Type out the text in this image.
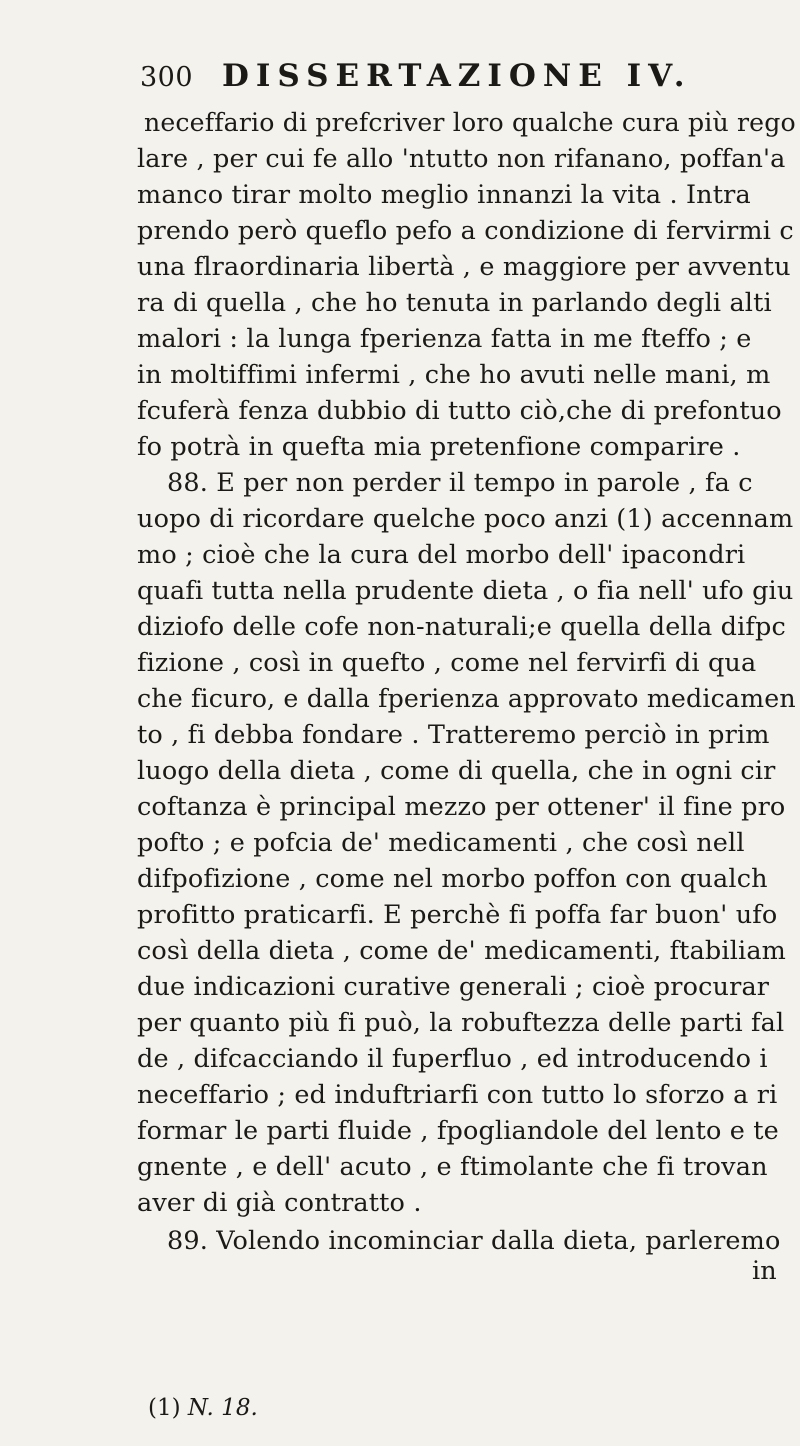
300 DISSERTAZIONE IV.
neceffario di prefcriver loro qualche cura più rego
lare , per cui fe allo 'ntutto non rifanano, poffan'a
manco tirar molto meglio innanzi la vita . Intra
prendo però queflo pefo a condizione di fervirmi c
una flraordinaria libertà , e maggiore per avventu
ra di quella , che ho tenuta in parlando degli alti
malori : la lunga fperienza fatta in me fteffo ; e
in moltiffimi infermi , che ho avuti nelle mani, m
fcuferà fenza dubbio di tutto ciò,che di prefontuo
fo potrà in quefta mia pretenfione comparire .
88. E per non perder il tempo in parole , fa c
uopo di ricordare quelche poco anzi (1) accennam
mo ; cioè che la cura del morbo dell' ipacondri
quafi tutta nella prudente dieta , o fia nell' ufo giu
diziofo delle cofe non-naturali;e quella della difpc
fizione , così in quefto , come nel fervirfi di qua
che ficuro, e dalla fperienza approvato medicamen
to , fi debba fondare . Tratteremo perciò in prim
luogo della dieta , come di quella, che in ogni cir
coftanza è principal mezzo per ottener' il fine pro
pofto ; e pofcia de' medicamenti , che così nell
difpofizione , come nel morbo poffon con qualch
profitto praticarfi. E perchè fi poffa far buon' ufo
così della dieta , come de' medicamenti, ftabiliam
due indicazioni curative generali ; cioè procurar
per quanto più fi può, la robuftezza delle parti fal
de , difcacciando il fuperfluo , ed introducendo i
neceffario ; ed induftriarfi con tutto lo sforzo a ri
formar le parti fluide , fpogliandole del lento e te
gnente , e dell' acuto , e ftimolante che fi trovan
aver di già contratto .
89. Volendo incominciar dalla dieta, parleremo
in
(1) N. 18.
